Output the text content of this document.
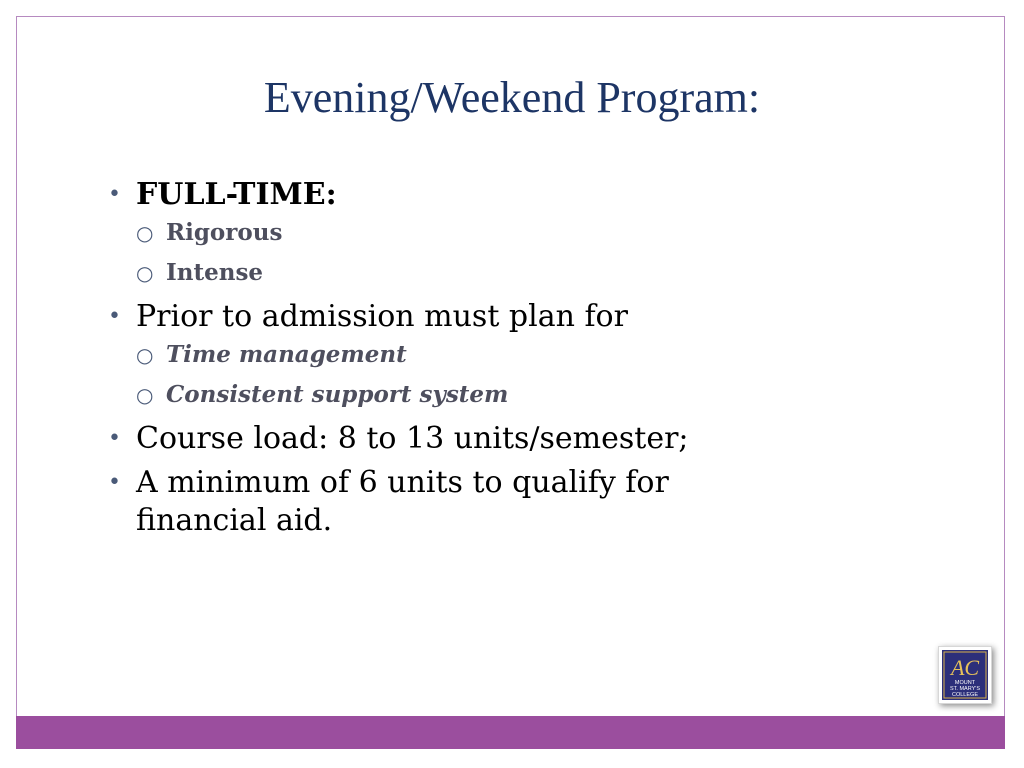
Evening/Weekend Program:
• FULL-TIME:
○ Rigorous
○ Intense
• Prior to admission must plan for
○ Time management
○ Consistent support system
• Course load: 8 to 13 units/semester;
• A minimum of 6 units to qualify for financial aid.
AC
MOUNT
ST. MARY'S
COLLEGE
